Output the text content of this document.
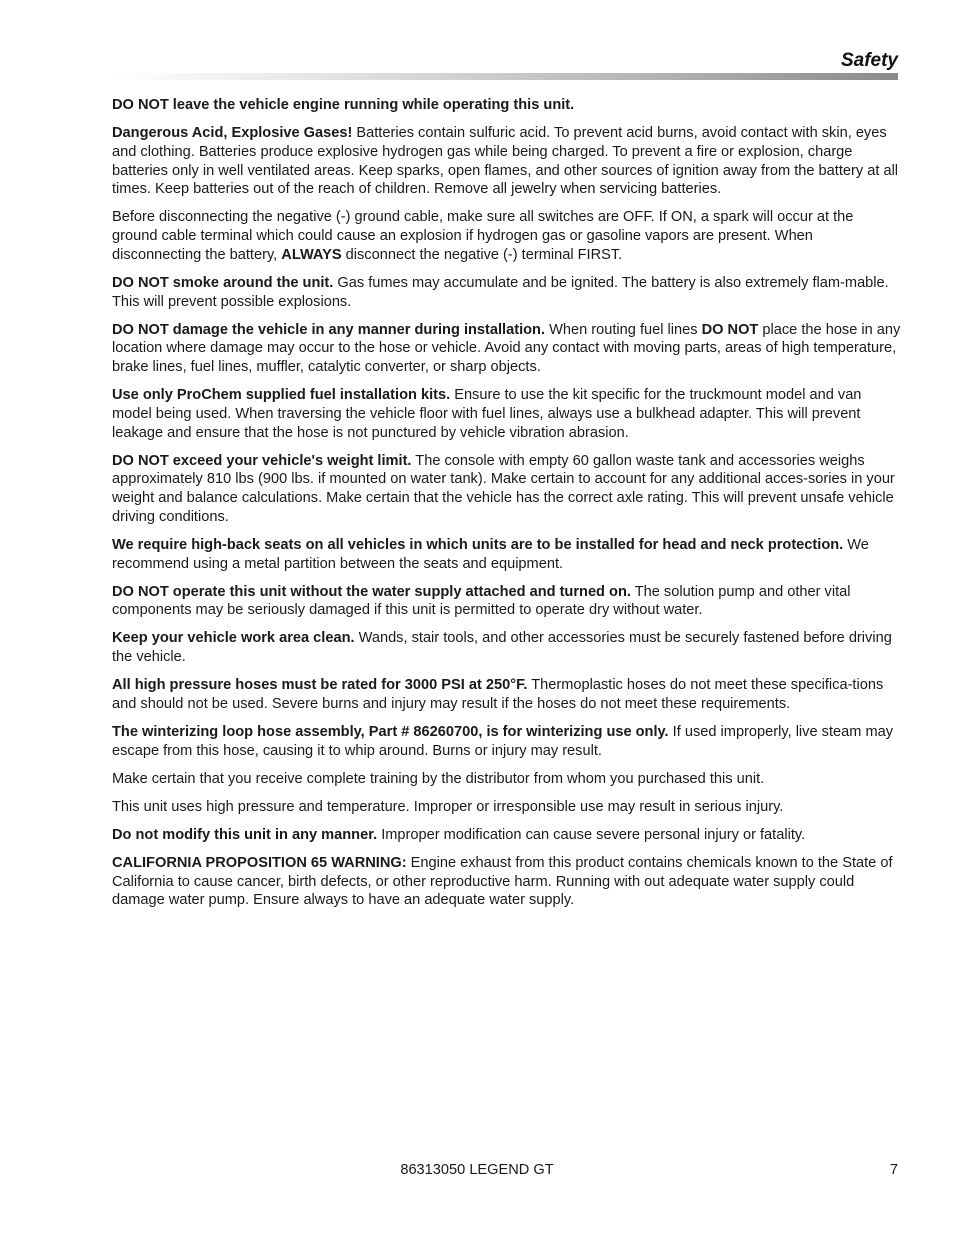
Safety

DO NOT leave the vehicle engine running while operating this unit.

Dangerous Acid, Explosive Gases! Batteries contain sulfuric acid. To prevent acid burns, avoid contact with skin, eyes and clothing. Batteries produce explosive hydrogen gas while being charged. To prevent a fire or explosion, charge batteries only in well ventilated areas. Keep sparks, open flames, and other sources of ignition away from the battery at all times. Keep batteries out of the reach of children. Remove all jewelry when servicing batteries.

Before disconnecting the negative (-) ground cable, make sure all switches are OFF. If ON, a spark will occur at the ground cable terminal which could cause an explosion if hydrogen gas or gasoline vapors are present. When disconnecting the battery, ALWAYS disconnect the negative (-) terminal FIRST.

DO NOT smoke around the unit. Gas fumes may accumulate and be ignited. The battery is also extremely flam-mable. This will prevent possible explosions.

DO NOT damage the vehicle in any manner during installation. When routing fuel lines DO NOT place the hose in any location where damage may occur to the hose or vehicle. Avoid any contact with moving parts, areas of high temperature, brake lines, fuel lines, muffler, catalytic converter, or sharp objects.

Use only ProChem supplied fuel installation kits. Ensure to use the kit specific for the truckmount model and van model being used. When traversing the vehicle floor with fuel lines, always use a bulkhead adapter. This will prevent leakage and ensure that the hose is not punctured by vehicle vibration abrasion.

DO NOT exceed your vehicle's weight limit. The console with empty 60 gallon waste tank and accessories weighs approximately 810 lbs (900 lbs. if mounted on water tank). Make certain to account for any additional acces-sories in your weight and balance calculations. Make certain that the vehicle has the correct axle rating. This will prevent unsafe vehicle driving conditions.

We require high-back seats on all vehicles in which units are to be installed for head and neck protection. We recommend using a metal partition between the seats and equipment.

DO NOT operate this unit without the water supply attached and turned on. The solution pump and other vital components may be seriously damaged if this unit is permitted to operate dry without water.

Keep your vehicle work area clean. Wands, stair tools, and other accessories must be securely fastened before driving the vehicle.

All high pressure hoses must be rated for 3000 PSI at 250°F. Thermoplastic hoses do not meet these specifica-tions and should not be used. Severe burns and injury may result if the hoses do not meet these requirements.

The winterizing loop hose assembly, Part # 86260700, is for winterizing use only. If used improperly, live steam may escape from this hose, causing it to whip around. Burns or injury may result.

Make certain that you receive complete training by the distributor from whom you purchased this unit.

This unit uses high pressure and temperature. Improper or irresponsible use may result in serious injury.

Do not modify this unit in any manner. Improper modification can cause severe personal injury or fatality.

CALIFORNIA PROPOSITION 65 WARNING: Engine exhaust from this product contains chemicals known to the State of California to cause cancer, birth defects, or other reproductive harm. Running with out adequate water supply could damage water pump. Ensure always to have an adequate water supply.

86313050 LEGEND GT	7
